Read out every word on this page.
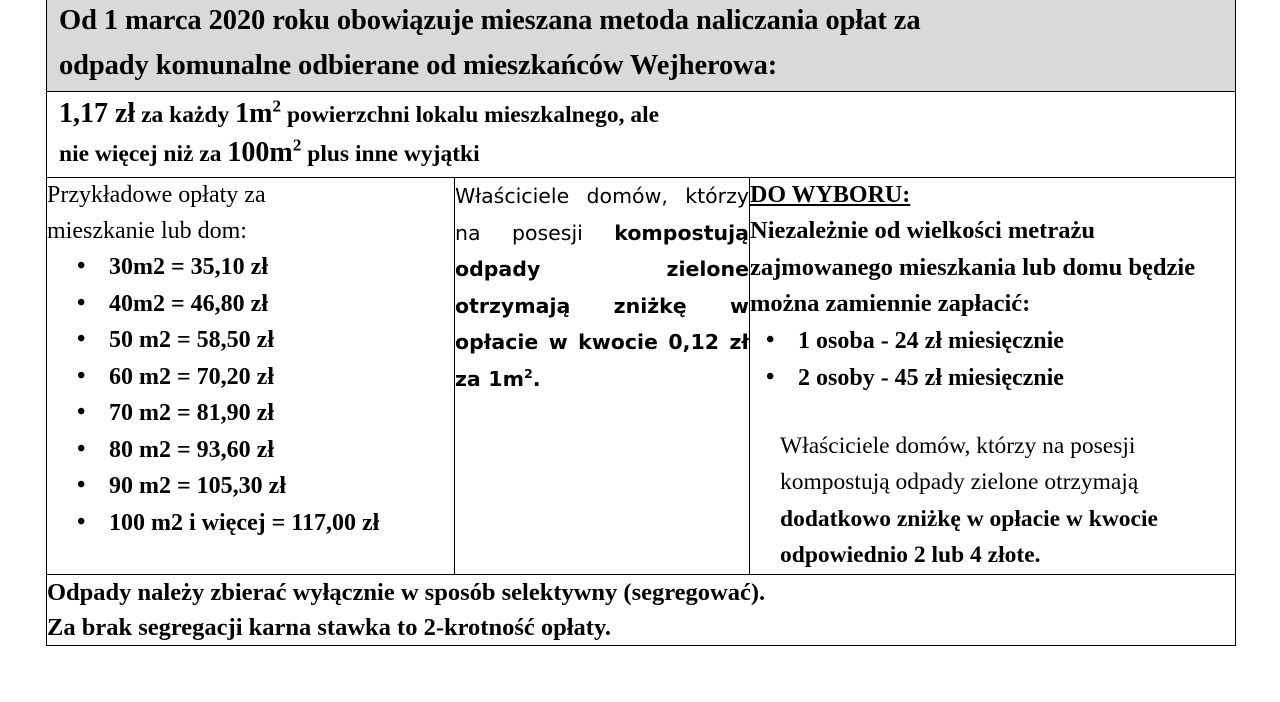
Od 1 marca 2020 roku obowiązuje mieszana metoda naliczania opłat za
odpady komunalne odbierane od mieszkańców Wejherowa:

1,17 zł za każdy $1m^2$ powierzchni lokalu mieszkalnego, ale
nie więcej niż za $100m^2$ plus inne wyjątki

Przykładowe opłaty za
mieszkanie lub dom:
• 30m2 = 35,10 zł
• 40m2 = 46,80 zł
• 50 m2 = 58,50 zł
• 60 m2 = 70,20 zł
• 70 m2 = 81,90 zł
• 80 m2 = 93,60 zł
• 90 m2 = 105,30 zł
• 100 m2 i więcej = 117,00 zł

Właściciele domów, którzy na posesji kompostują odpady zielone otrzymają zniżkę w opłacie w kwocie 0,12 zł za $1m^2$.

DO WYBORU:
Niezależnie od wielkości metrażu zajmowanego mieszkania lub domu będzie można zamiennie zapłacić:
• 1 osoba - 24 zł miesięcznie
• 2 osoby - 45 zł miesięcznie
Właściciele domów, którzy na posesji kompostują odpady zielone otrzymają dodatkowo zniżkę w opłacie w kwocie odpowiednio 2 lub 4 złote.

Odpady należy zbierać wyłącznie w sposób selektywny (segregować).
Za brak segregacji karna stawka to 2-krotność opłaty.
